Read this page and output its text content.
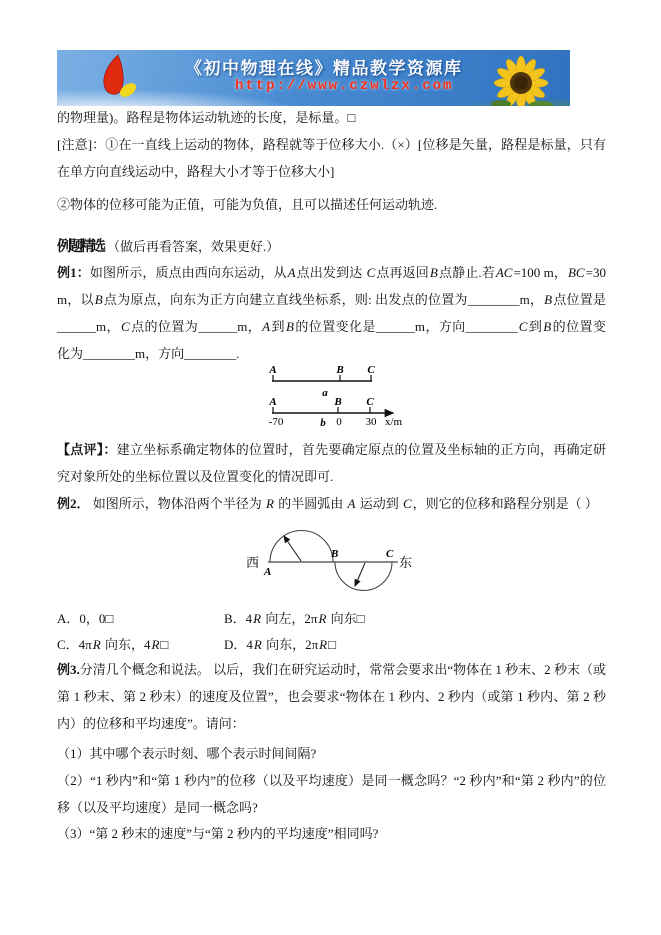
《初中物理在线》精品教学资源库
http://www.czwlzx.com
的物理量)。路程是物体运动轨迹的长度，是标量。□
[注意]：①在一直线上运动的物体，路程就等于位移大小.（×）[位移是矢量，路程是标量，只有在单方向直线运动中，路程大小才等于位移大小]
②物体的位移可能为正值，可能为负值，且可以描述任何运动轨迹.
例题精选 （做后再看答案，效果更好.）
例1：如图所示，质点由西向东运动，从A点出发到达 C点再返回B点静止.若AC=100 m，BC=30 m，以B点为原点，向东为正方向建立直线坐标系，则: 出发点的位置为________m，B点位置是______m，C点的位置为______m，A到B的位置变化是______m，方向________C到B的位置变化为________m，方向________.
A	B C
a
A	B C
-70	b 0 30 x/m
【点评】：建立坐标系确定物体的位置时，首先要确定原点的位置及坐标轴的正方向，再确定研究对象所处的坐标位置以及位置变化的情况即可.
例2． 如图所示，物体沿两个半径为 R 的半圆弧由 A 运动到 C，则它的位移和路程分别是（ ）
西	东
A
B	C
A．0，0□	B．4R 向左，2πR 向东□
C．4πR 向东，4R□	D．4R 向东，2πR□
例3.分清几个概念和说法。 以后，我们在研究运动时，常常会要求出“物体在 1 秒末、2 秒末（或第 1 秒末、第 2 秒末）的速度及位置”，也会要求“物体在 1 秒内、2 秒内（或第 1 秒内、第 2 秒内）的位移和平均速度”。请问：
（1）其中哪个表示时刻、哪个表示时间间隔?
（2）“1 秒内”和“第 1 秒内”的位移（以及平均速度）是同一概念吗？“2 秒内”和“第 2 秒内”的位移（以及平均速度）是同一概念吗?
（3）“第 2 秒末的速度”与“第 2 秒内的平均速度”相同吗?
